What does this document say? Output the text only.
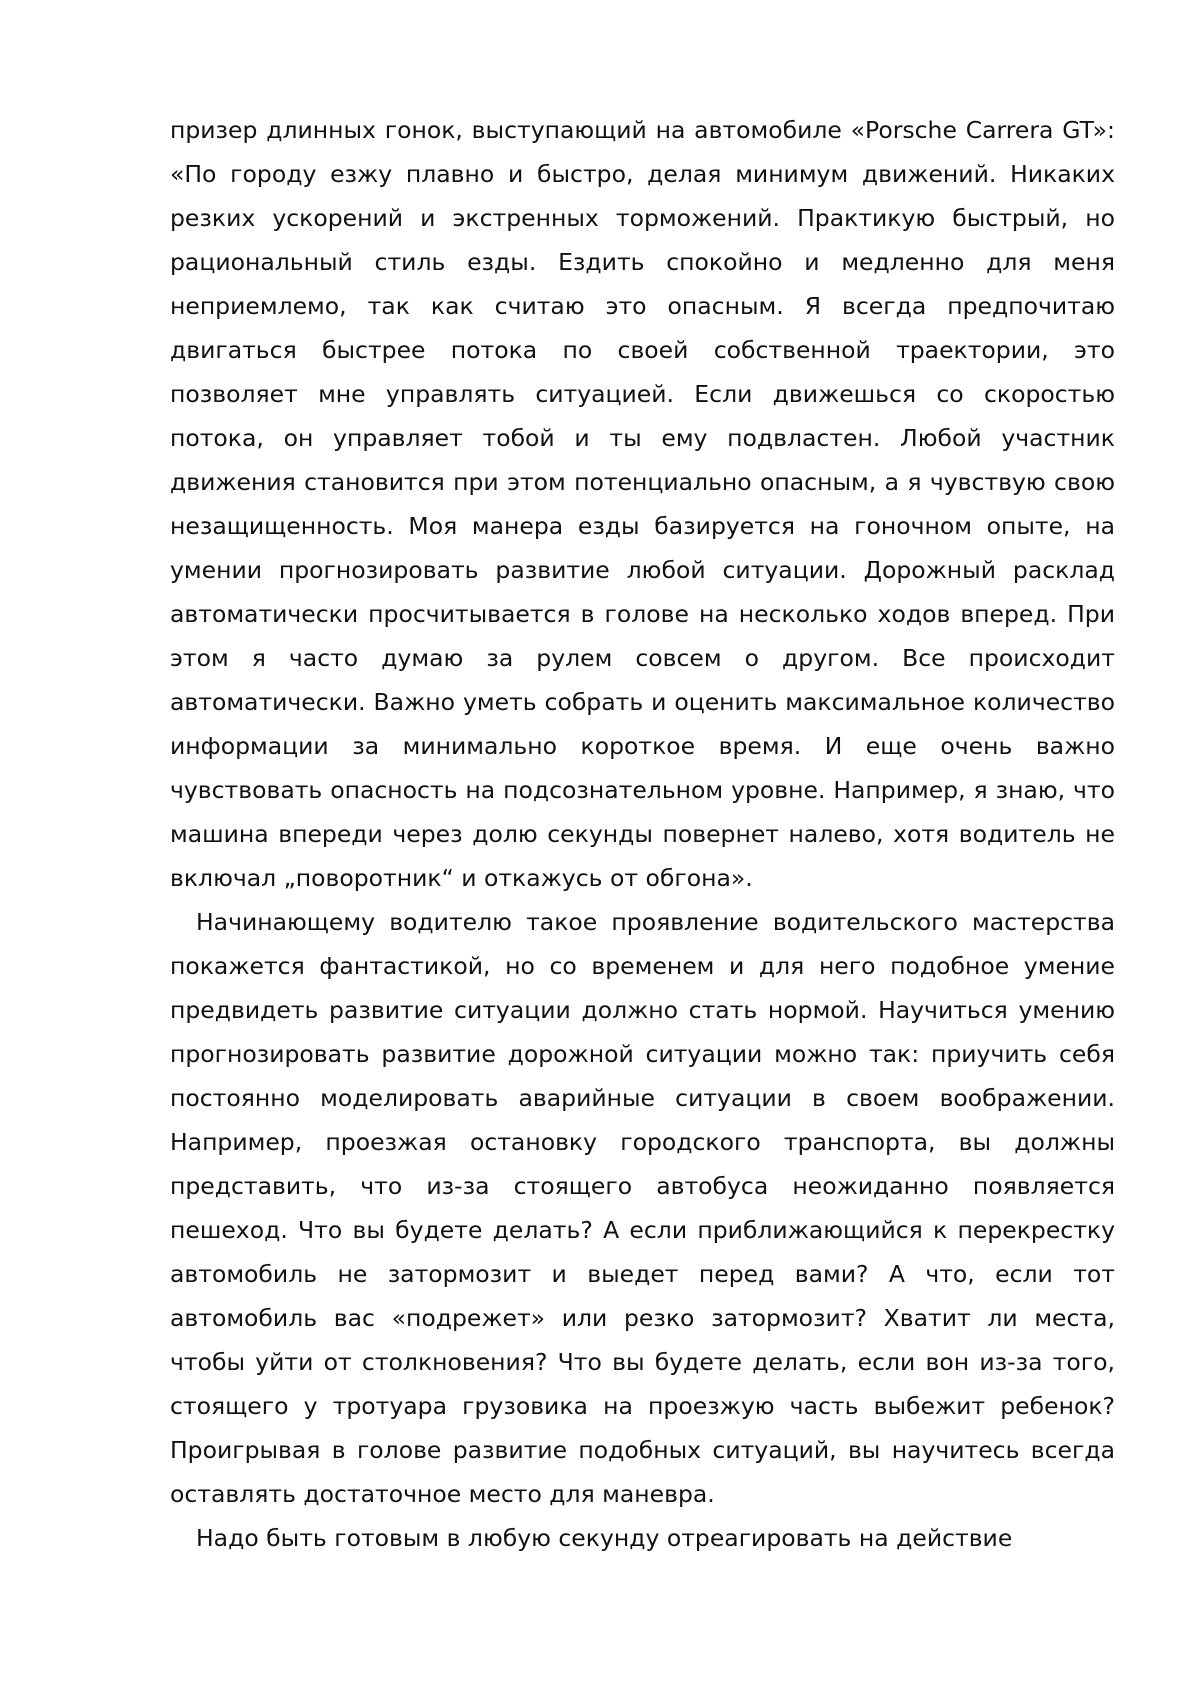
призер длинных гонок, выступающий на автомобиле «Porsche Carrera GT»: «По городу езжу плавно и быстро, делая минимум движений. Никаких резких ускорений и экстренных торможений. Практикую быстрый, но рациональный стиль езды. Ездить спокойно и медленно для меня неприемлемо, так как считаю это опасным. Я всегда предпочитаю двигаться быстрее потока по своей собственной траектории, это позволяет мне управлять ситуацией. Если движешься со скоростью потока, он управляет тобой и ты ему подвластен. Любой участник движения становится при этом потенциально опасным, а я чувствую свою незащищенность. Моя манера езды базируется на гоночном опыте, на умении прогнозировать развитие любой ситуации. Дорожный расклад автоматически просчитывается в голове на несколько ходов вперед. При этом я часто думаю за рулем совсем о другом. Все происходит автоматически. Важно уметь собрать и оценить максимальное количество информации за минимально короткое время. И еще очень важно чувствовать опасность на подсознательном уровне. Например, я знаю, что машина впереди через долю секунды повернет налево, хотя водитель не включал „поворотник“ и откажусь от обгона».

Начинающему водителю такое проявление водительского мастерства покажется фантастикой, но со временем и для него подобное умение предвидеть развитие ситуации должно стать нормой. Научиться умению прогнозировать развитие дорожной ситуации можно так: приучить себя постоянно моделировать аварийные ситуации в своем воображении. Например, проезжая остановку городского транспорта, вы должны представить, что из-за стоящего автобуса неожиданно появляется пешеход. Что вы будете делать? А если приближающийся к перекрестку автомобиль не затормозит и выедет перед вами? А что, если тот автомобиль вас «подрежет» или резко затормозит? Хватит ли места, чтобы уйти от столкновения? Что вы будете делать, если вон из-за того, стоящего у тротуара грузовика на проезжую часть выбежит ребенок? Проигрывая в голове развитие подобных ситуаций, вы научитесь всегда оставлять достаточное место для маневра.

Надо быть готовым в любую секунду отреагировать на действие
